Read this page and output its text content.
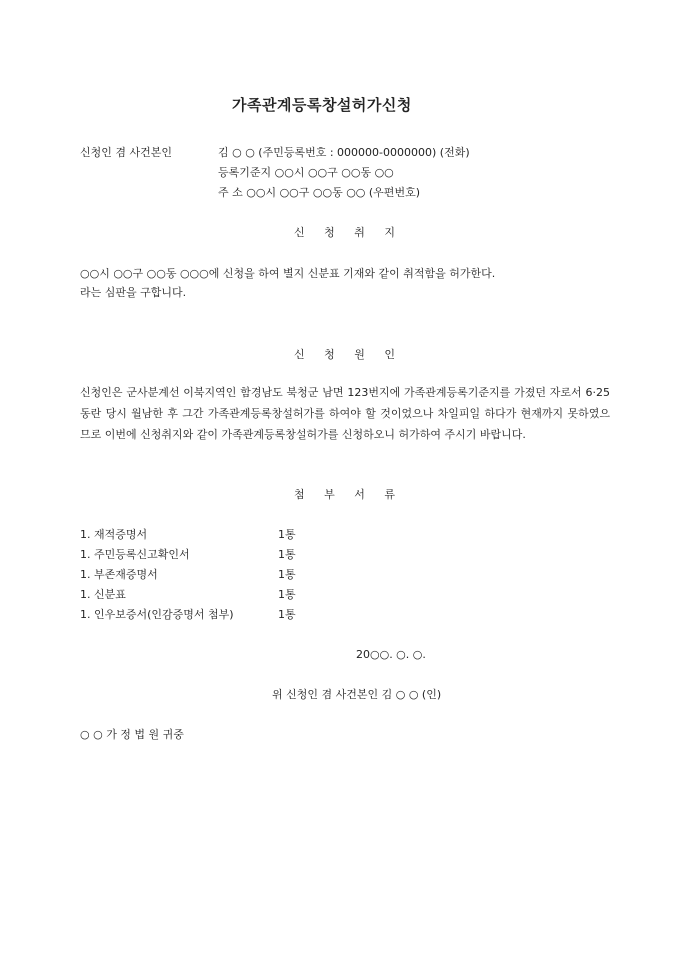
가족관계등록창설허가신청
신청인 겸 사건본인	김 ○ ○ (주민등록번호 : 000000-0000000) (전화)
등록기준지 ○○시 ○○구 ○○동 ○○
주 소 ○○시 ○○구 ○○동 ○○ (우편번호)
신 청 취 지

○○시 ○○구 ○○동 ○○○에 신청을 하여 별지 신분표 기재와 같이 취적함을 허가한다.

라는 심판을 구합니다.

신 청 원 인

신청인은 군사분계선 이북지역인 함경남도 북청군 남면 123번지에 가족관계등록기준지를 가졌던 자로서 6·25동란 당시 월남한 후 그간 가족관계등록창설허가를 하여야 할 것이었으나 차일피일 하다가 현재까지 못하였으므로 이번에 신청취지와 같이 가족관계등록창설허가를 신청하오니 허가하여 주시기 바랍니다.

첨 부 서 류
1. 재적증명서	1통
1. 주민등록신고확인서	1통
1. 부존재증명서	1통
1. 신분표	1통
1. 인우보증서(인감증명서 첨부)	1통
20○○. ○. ○.
위 신청인 겸 사건본인 김 ○ ○ (인)
○ ○ 가 정 법 원 귀중
